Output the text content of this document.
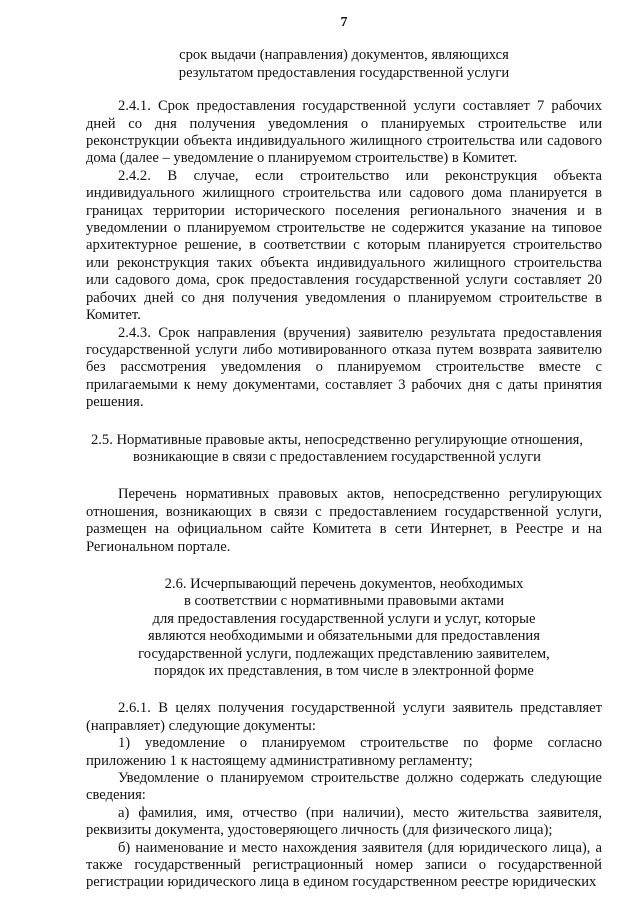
7
срок выдачи (направления) документов, являющихся
результатом предоставления государственной услуги

2.4.1. Срок предоставления государственной услуги составляет 7 рабочих дней со дня получения уведомления о планируемых строительстве или реконструкции объекта индивидуального жилищного строительства или садового дома (далее – уведомление о планируемом строительстве) в Комитет.

2.4.2. В случае, если строительство или реконструкция объекта индивидуального жилищного строительства или садового дома планируется в границах территории исторического поселения регионального значения и в уведомлении о планируемом строительстве не содержится указание на типовое архитектурное решение, в соответствии с которым планируется строительство или реконструкция таких объекта индивидуального жилищного строительства или садового дома, срок предоставления государственной услуги составляет 20 рабочих дней со дня получения уведомления о планируемом строительстве в Комитет.

2.4.3. Срок направления (вручения) заявителю результата предоставления государственной услуги либо мотивированного отказа путем возврата заявителю без рассмотрения уведомления о планируемом строительстве вместе с прилагаемыми к нему документами, составляет 3 рабочих дня с даты принятия решения.

2.5. Нормативные правовые акты, непосредственно регулирующие отношения,
возникающие в связи с предоставлением государственной услуги

Перечень нормативных правовых актов, непосредственно регулирующих отношения, возникающих в связи с предоставлением государственной услуги, размещен на официальном сайте Комитета в сети Интернет, в Реестре и на Региональном портале.

2.6. Исчерпывающий перечень документов, необходимых
в соответствии с нормативными правовыми актами
для предоставления государственной услуги и услуг, которые
являются необходимыми и обязательными для предоставления
государственной услуги, подлежащих представлению заявителем,
порядок их представления, в том числе в электронной форме

2.6.1. В целях получения государственной услуги заявитель представляет (направляет) следующие документы:

1) уведомление о планируемом строительстве по форме согласно приложению 1 к настоящему административному регламенту;

Уведомление о планируемом строительстве должно содержать следующие сведения:

а) фамилия, имя, отчество (при наличии), место жительства заявителя, реквизиты документа, удостоверяющего личность (для физического лица);

б) наименование и место нахождения заявителя (для юридического лица), а также государственный регистрационный номер записи о государственной регистрации юридического лица в едином государственном реестре юридических
